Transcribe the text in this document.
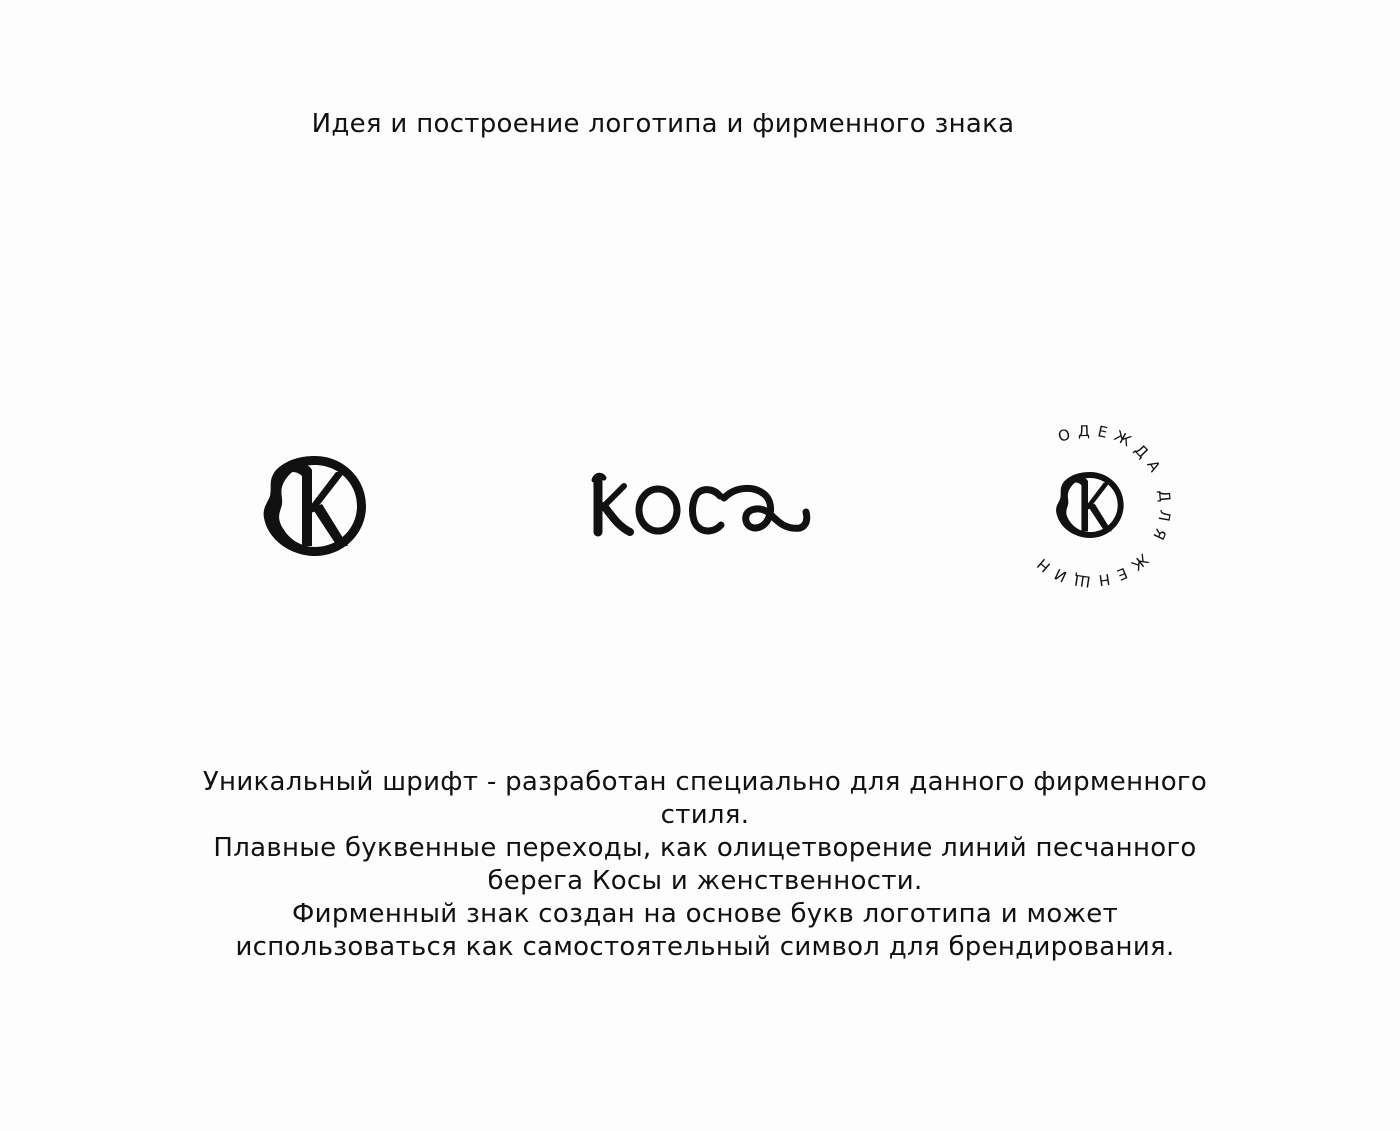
Идея и построение логотипа и фирменного знака
ОДЕЖДА ДЛЯ ЖЕНЩИН

Уникальный шрифт - разработан специально для данного фирменного стиля.

Плавные буквенные переходы, как олицетворение линий песчанного берега Косы и женственности.

Фирменный знак создан на основе букв логотипа и может использоваться как самостоятельный символ для брендирования.
